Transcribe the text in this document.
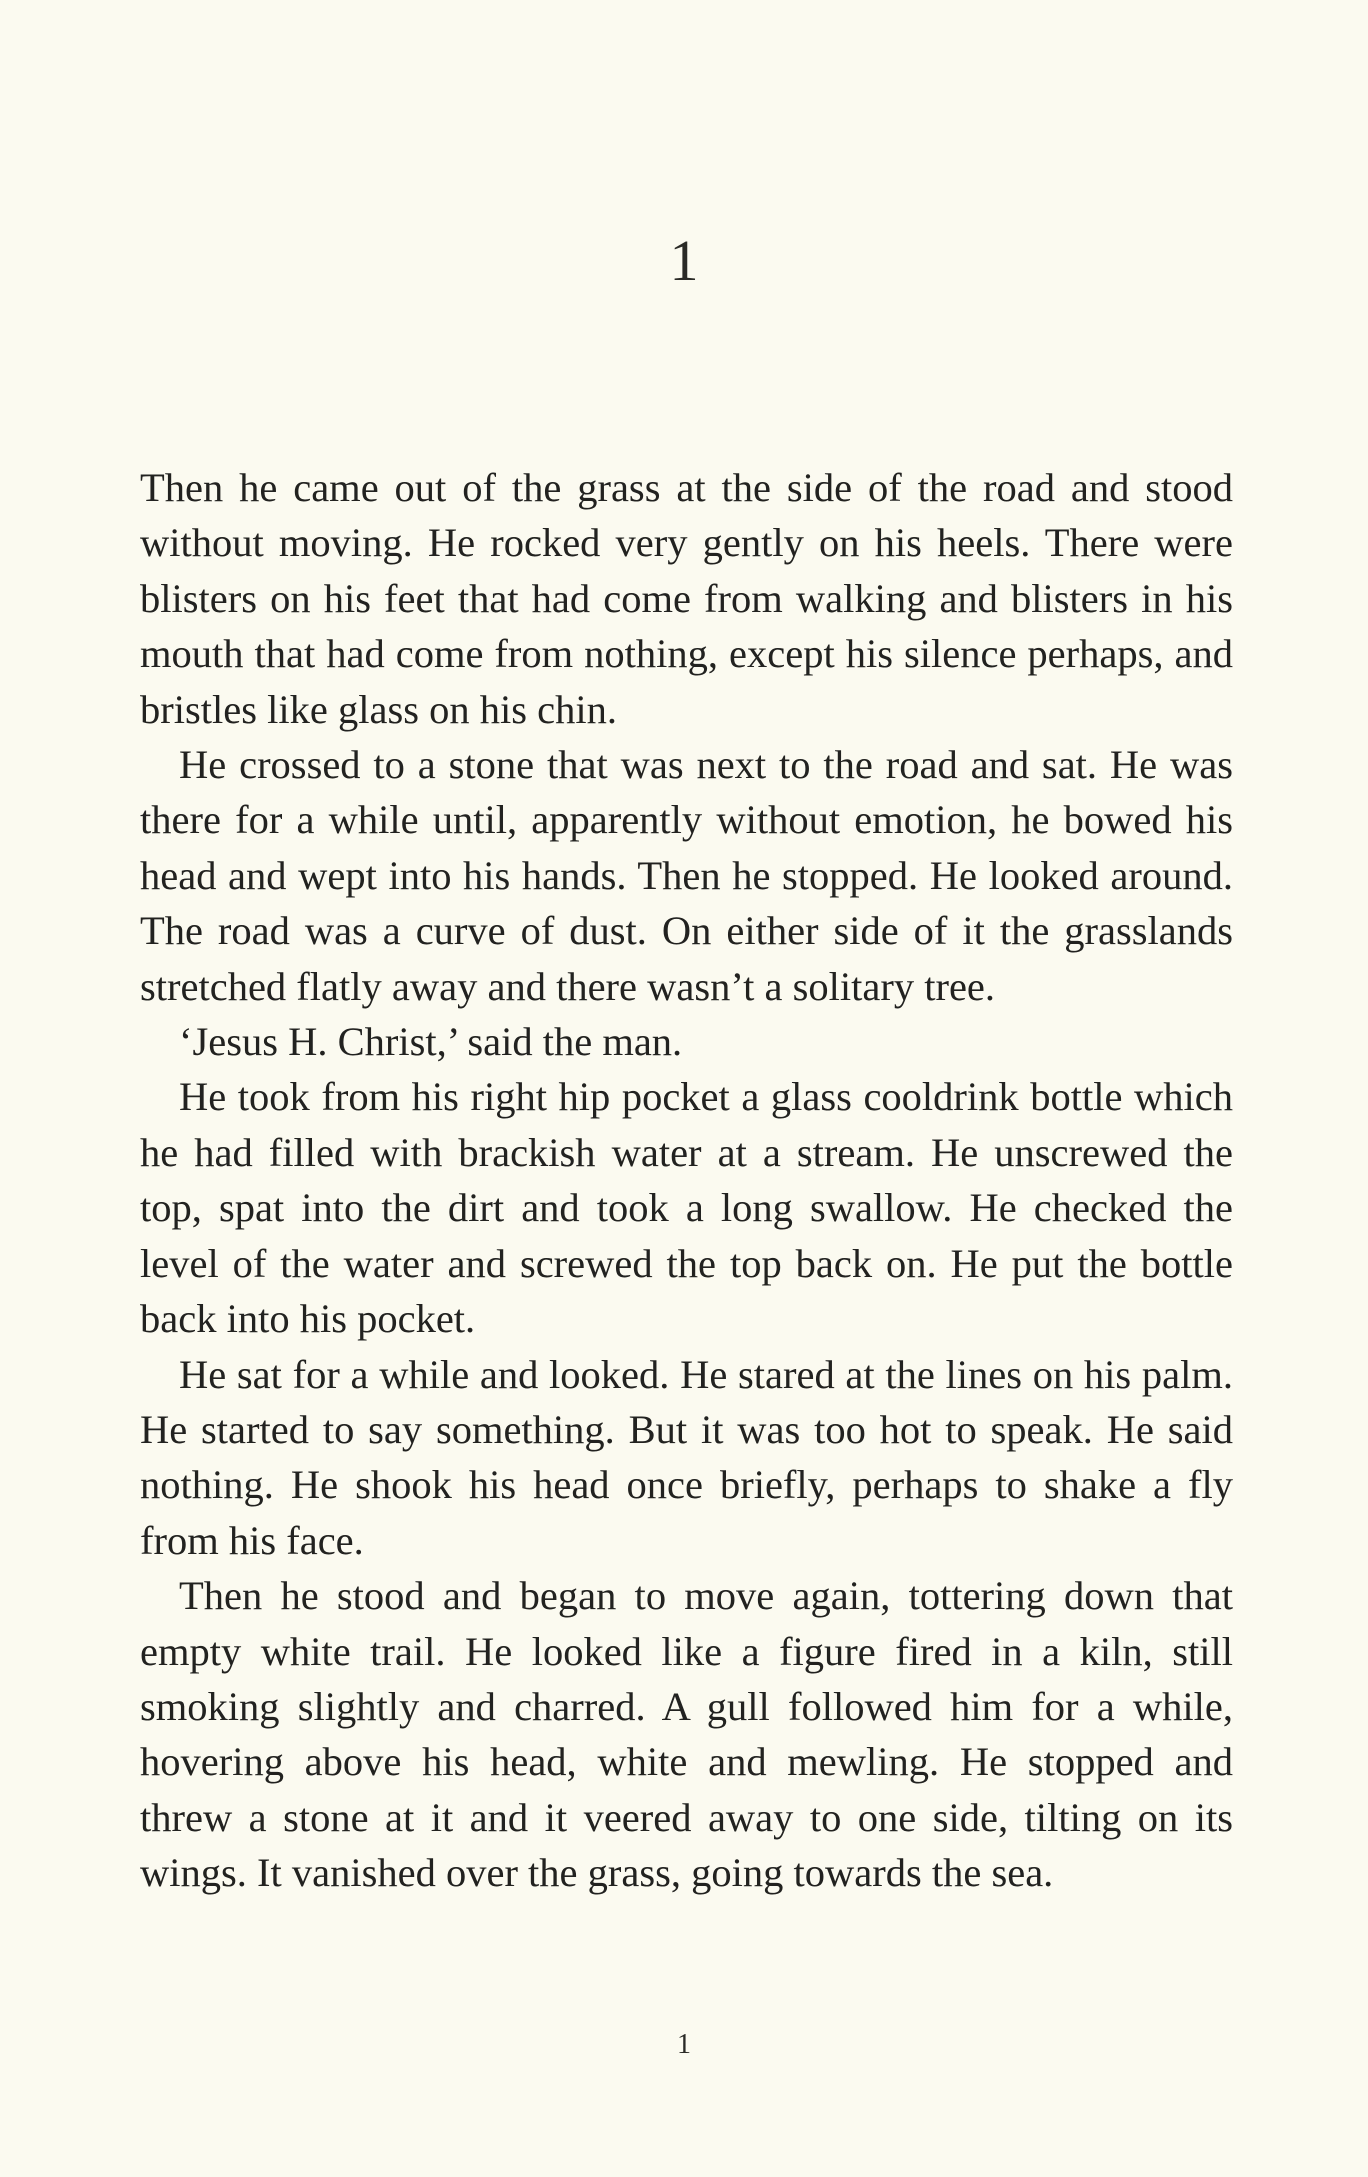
1

Then he came out of the grass at the side of the road and stood without moving. He rocked very gently on his heels. There were blisters on his feet that had come from walking and blisters in his mouth that had come from nothing, except his silence perhaps, and bristles like glass on his chin.

He crossed to a stone that was next to the road and sat. He was there for a while until, apparently without emotion, he bowed his head and wept into his hands. Then he stopped. He looked around. The road was a curve of dust. On either side of it the grasslands stretched flatly away and there wasn’t a solitary tree.

‘Jesus H. Christ,’ said the man.

He took from his right hip pocket a glass cooldrink bottle which he had filled with brackish water at a stream. He unscrewed the top, spat into the dirt and took a long swallow. He checked the level of the water and screwed the top back on. He put the bottle back into his pocket.

He sat for a while and looked. He stared at the lines on his palm. He started to say something. But it was too hot to speak. He said nothing. He shook his head once briefly, perhaps to shake a fly from his face.

Then he stood and began to move again, tottering down that empty white trail. He looked like a figure fired in a kiln, still smoking slightly and charred. A gull followed him for a while, hovering above his head, white and mewling. He stopped and threw a stone at it and it veered away to one side, tilting on its wings. It vanished over the grass, going towards the sea.

1
